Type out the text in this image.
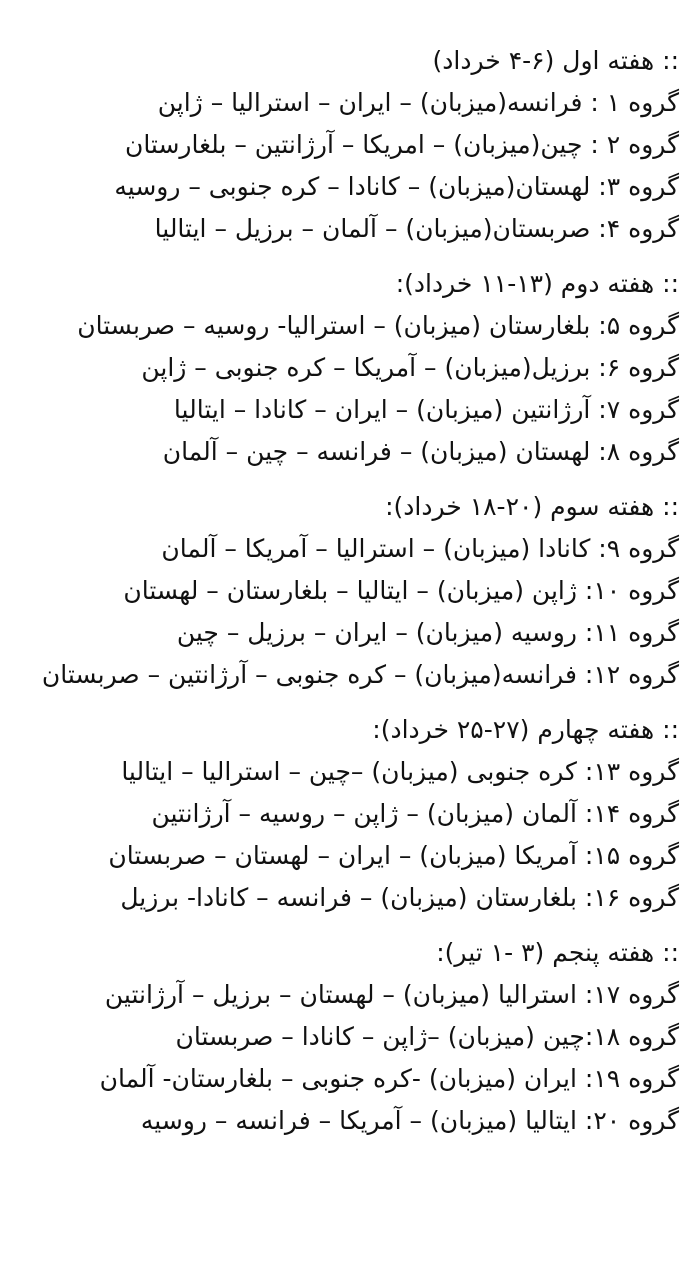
:: هفته اول (۶-۴ خرداد)
گروه ۱ : فرانسه(میزبان) – ایران – استرالیا – ژاپن
گروه ۲ : چین(میزبان) – امریکا – آرژانتین – بلغارستان
گروه ۳: لهستان(میزبان) – کانادا – کره جنوبی – روسیه
گروه ۴: صربستان(میزبان) – آلمان – برزیل – ایتالیا
:: هفته دوم (۱۳-۱۱ خرداد):
گروه ۵: بلغارستان (میزبان) – استرالیا- روسیه – صربستان
گروه ۶: برزیل(میزبان) – آمریکا – کره جنوبی – ژاپن
گروه ۷: آرژانتین (میزبان) – ایران – کانادا – ایتالیا
گروه ۸: لهستان (میزبان) – فرانسه – چین – آلمان
:: هفته سوم (۲۰-۱۸ خرداد):
گروه ۹: کانادا (میزبان) – استرالیا – آمریکا – آلمان
گروه ۱۰: ژاپن (میزبان) – ایتالیا – بلغارستان – لهستان
گروه ۱۱: روسیه (میزبان) – ایران – برزیل – چین
گروه ۱۲: فرانسه(میزبان) – کره جنوبی – آرژانتین – صربستان
:: هفته چهارم (۲۷-۲۵ خرداد):
گروه ۱۳: کره جنوبی (میزبان) –چین – استرالیا – ایتالیا
گروه ۱۴: آلمان (میزبان) – ژاپن – روسیه – آرژانتین
گروه ۱۵: آمریکا (میزبان) – ایران – لهستان – صربستان
گروه ۱۶: بلغارستان (میزبان) – فرانسه – کانادا- برزیل
:: هفته پنجم (۳ -۱ تیر):
گروه ۱۷: استرالیا (میزبان) – لهستان – برزیل – آرژانتین
گروه ۱۸:چین (میزبان) –ژاپن – کانادا – صربستان
گروه ۱۹: ایران (میزبان) -کره جنوبی – بلغارستان- آلمان
گروه ۲۰: ایتالیا (میزبان) – آمریکا – فرانسه – روسیه
